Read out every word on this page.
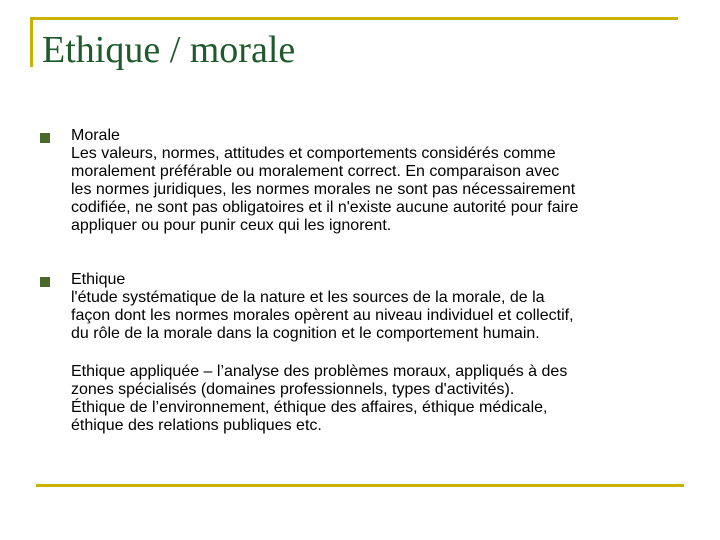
Ethique / morale

Morale

Les valeurs, normes, attitudes et comportements considérés comme

moralement préférable ou moralement correct. En comparaison avec

les normes juridiques, les normes morales ne sont pas nécessairement

codifiée, ne sont pas obligatoires et il n'existe aucune autorité pour faire

appliquer ou pour punir ceux qui les ignorent.

Ethique

l'étude systématique de la nature et les sources de la morale, de la

façon dont les normes morales opèrent au niveau individuel et collectif,

du rôle de la morale dans la cognition et le comportement humain.

Ethique appliquée – l’analyse des problèmes moraux, appliqués à des

zones spécialisés (domaines professionnels, types d'activités).

Éthique de l’environnement, éthique des affaires, éthique médicale,

éthique des relations publiques etc.
